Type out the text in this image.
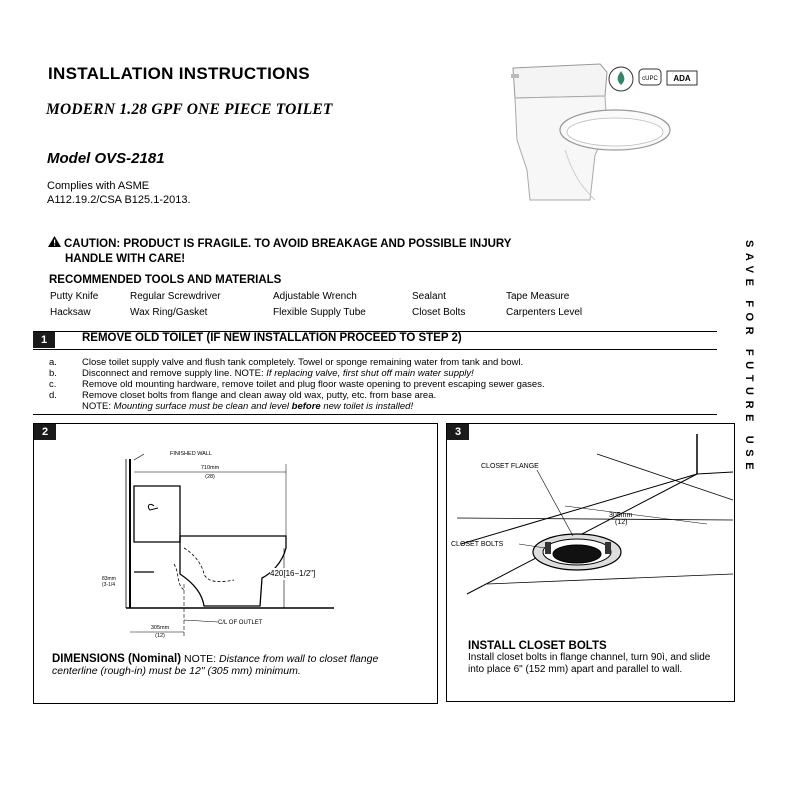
INSTALLATION INSTRUCTIONS
MODERN 1.28 GPF ONE PIECE TOILET
Model OVS-2181
Complies with ASME
A112.19.2/CSA B125.1-2013.
cUPC ADA
CAUTION: PRODUCT IS FRAGILE. TO AVOID BREAKAGE AND POSSIBLE INJURY
HANDLE WITH CARE!
RECOMMENDED TOOLS AND MATERIALS
Putty Knife	Regular Screwdriver	Adjustable Wrench	Sealant	Tape Measure
Hacksaw	Wax Ring/Gasket	Flexible Supply Tube	Closet Bolts	Carpenters Level	SAVE FOR FUTURE USE
1	REMOVE OLD TOILET (IF NEW INSTALLATION PROCEED TO STEP 2)
a.	Close toilet supply valve and flush tank completely. Towel or sponge remaining water from tank and bowl.
b.	Disconnect and remove supply line. NOTE: If replacing valve, first shut off main water supply!
c.	Remove old mounting hardware, remove toilet and plug floor waste opening to prevent escaping sewer gases.
d.	Remove closet bolts from flange and clean away old wax, putty, etc. from base area.
NOTE: Mounting surface must be clean and level before new toilet is installed!
2
FINISHED WALL
710mm
(28)
83mm
(3-1/4
420[16−1/2"]
C/L OF OUTLET
305mm
(12)
DIMENSIONS (Nominal) NOTE: Distance from wall to closet flange centerline (rough-in) must be 12" (305 mm) minimum.
3
305mm
(12)
CLOSET FLANGE
CLOSET BOLTS
INSTALL CLOSET BOLTS
Install closet bolts in flange channel, turn 90ì, and slide into place 6" (152 mm) apart and parallel to wall.
